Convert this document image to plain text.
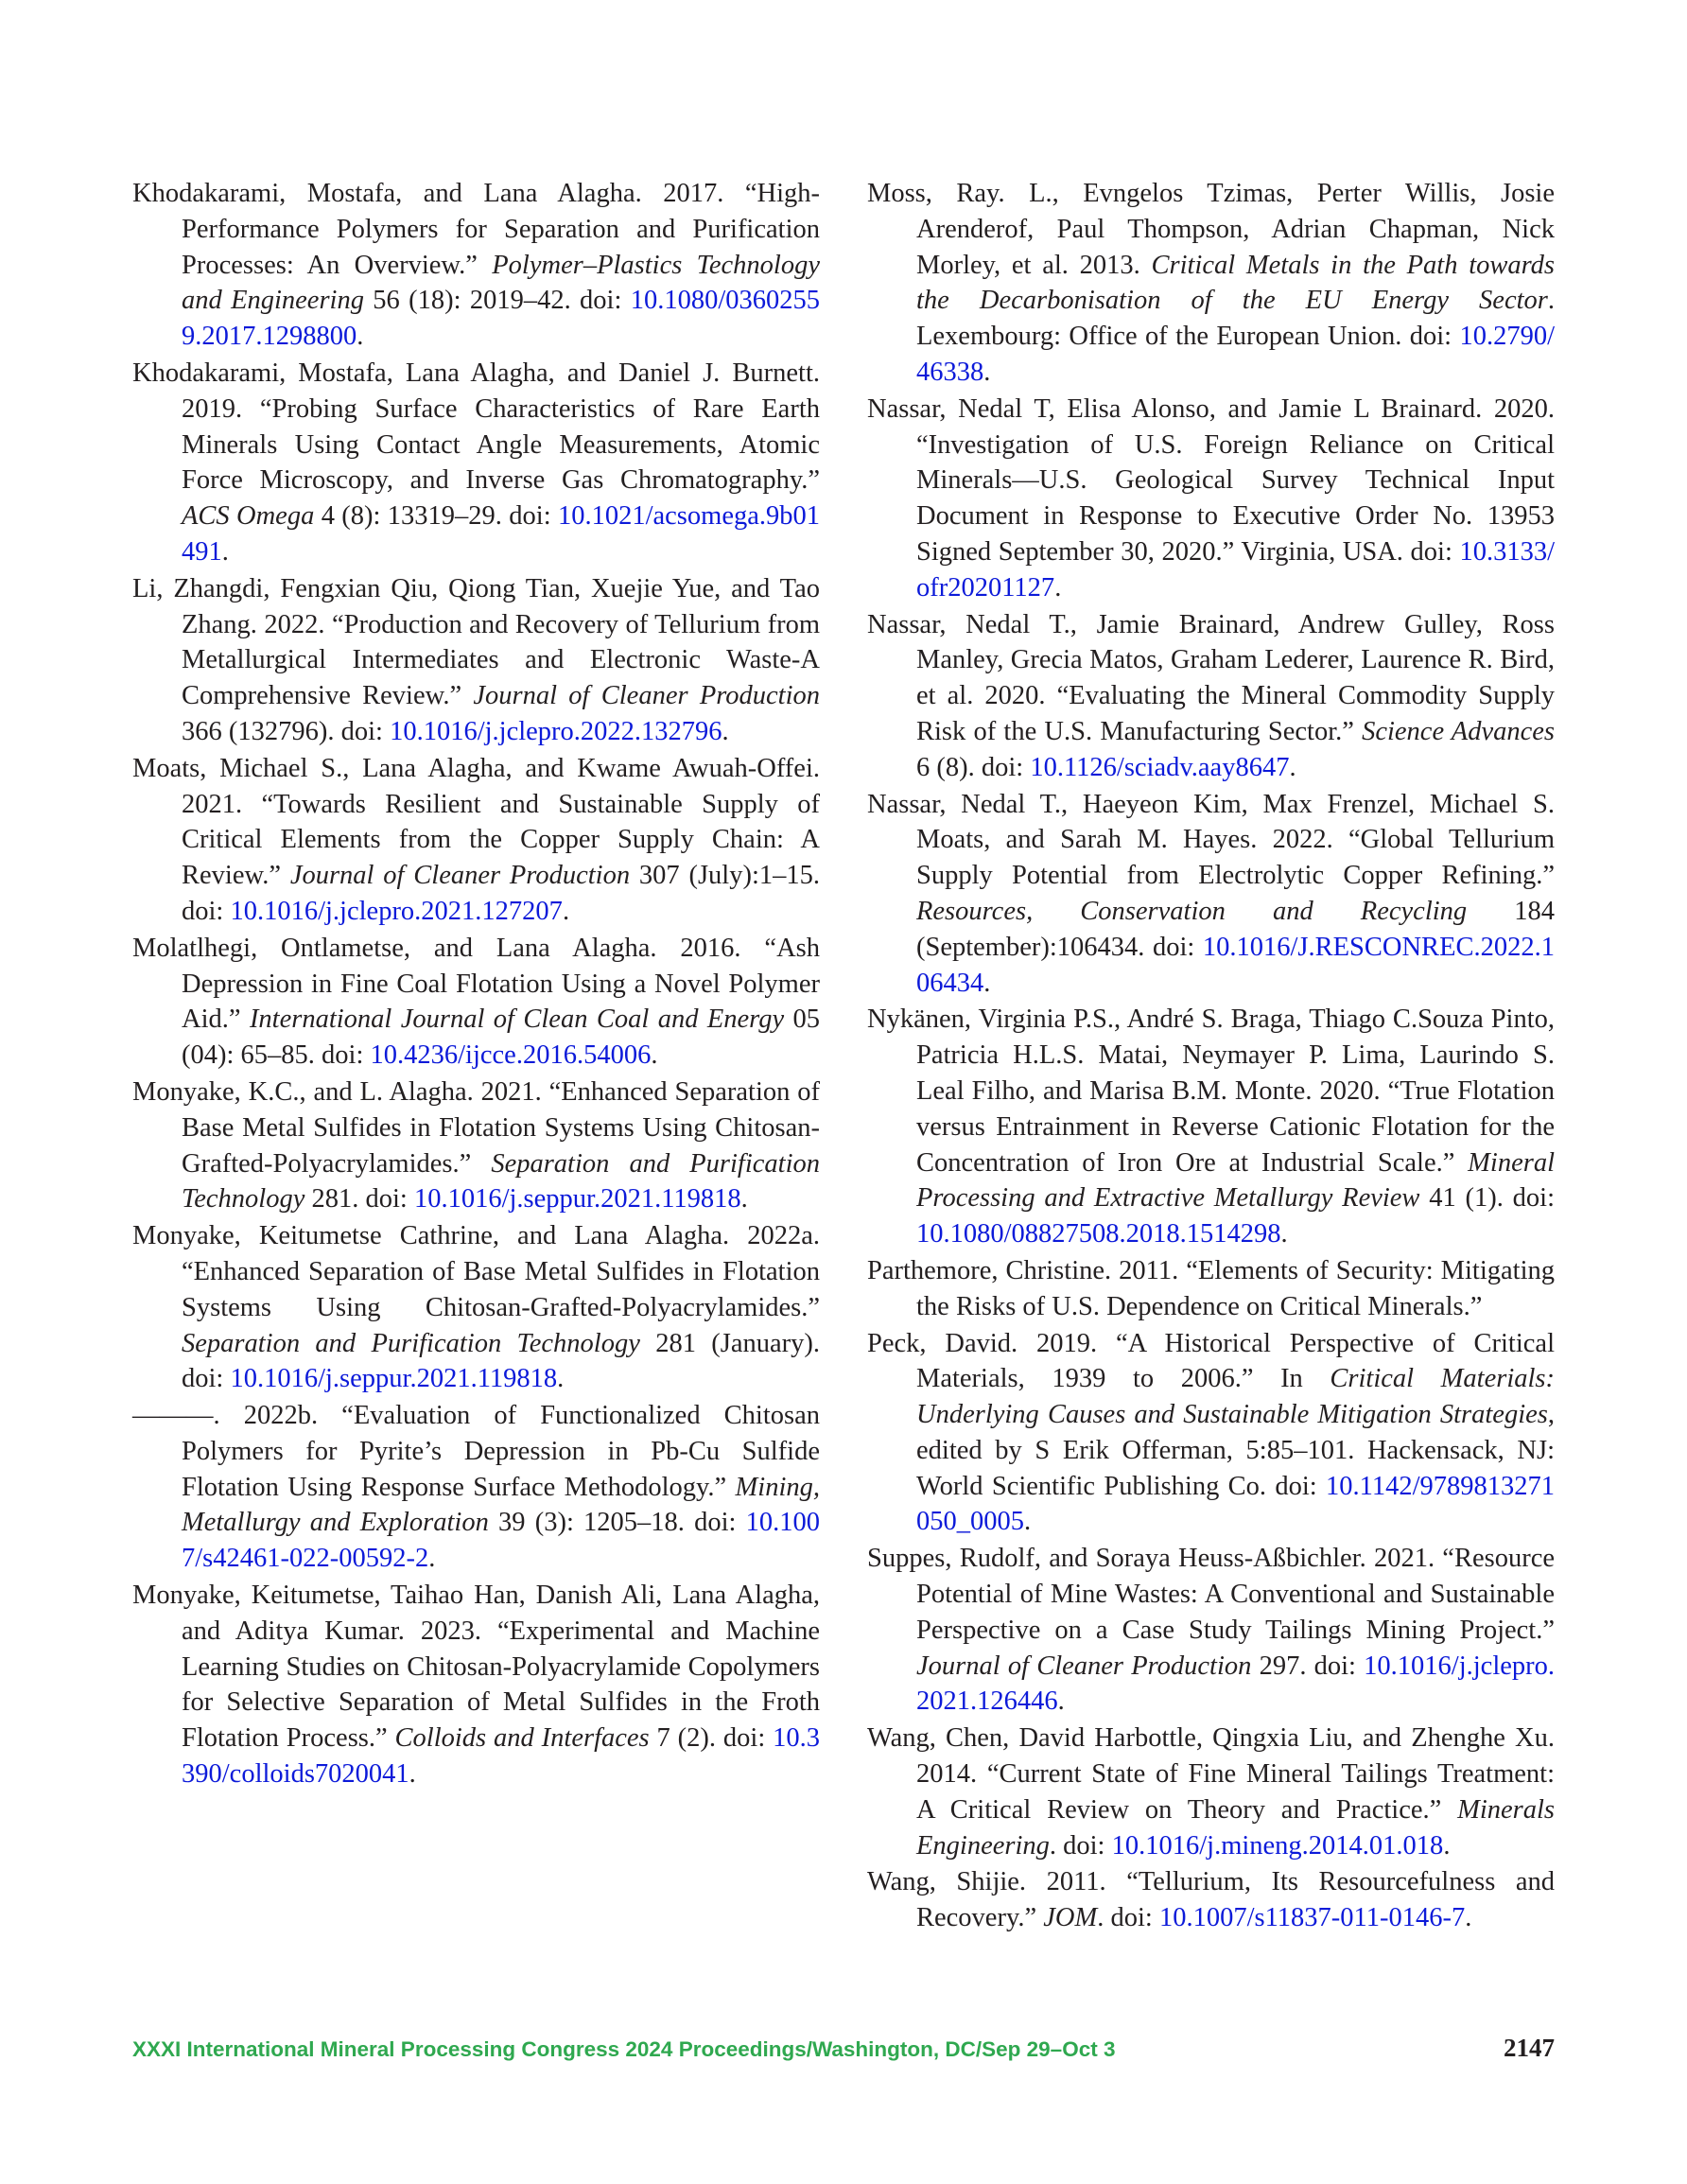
Khodakarami, Mostafa, and Lana Alagha. 2017. “High-Performance Polymers for Separation and Purification Processes: An Overview.” Polymer–Plastics Technology and Engineering 56 (18): 2019–42. doi: 10.1080/03602559.2017.1298800.

Khodakarami, Mostafa, Lana Alagha, and Daniel J. Burnett. 2019. “Probing Surface Characteristics of Rare Earth Minerals Using Contact Angle Measurements, Atomic Force Microscopy, and Inverse Gas Chromatography.” ACS Omega 4 (8): 13319–29. doi: 10.1021/acsomega.9b01491.

Li, Zhangdi, Fengxian Qiu, Qiong Tian, Xuejie Yue, and Tao Zhang. 2022. “Production and Recovery of Tellurium from Metallurgical Intermediates and Electronic Waste-A Comprehensive Review.” Journal of Cleaner Production 366 (132796). doi: 10.1016/j.jclepro.2022.132796.

Moats, Michael S., Lana Alagha, and Kwame Awuah-Offei. 2021. “Towards Resilient and Sustainable Supply of Critical Elements from the Copper Supply Chain: A Review.” Journal of Cleaner Production 307 (July):1–15. doi: 10.1016/j.jclepro.2021.127207.

Molatlhegi, Ontlametse, and Lana Alagha. 2016. “Ash Depression in Fine Coal Flotation Using a Novel Polymer Aid.” International Journal of Clean Coal and Energy 05 (04): 65–85. doi: 10.4236/ijcce.2016.54006.

Monyake, K.C., and L. Alagha. 2021. “Enhanced Separation of Base Metal Sulfides in Flotation Systems Using Chitosan-Grafted-Polyacrylamides.” Separation and Purification Technology 281. doi: 10.1016/j.seppur.2021.119818.

Monyake, Keitumetse Cathrine, and Lana Alagha. 2022a. “Enhanced Separation of Base Metal Sulfides in Flotation Systems Using Chitosan-Grafted-Polyacrylamides.” Separation and Purification Technology 281 (January). doi: 10.1016/j.seppur.2021.119818.

———. 2022b. “Evaluation of Functionalized Chitosan Polymers for Pyrite’s Depression in Pb-Cu Sulfide Flotation Using Response Surface Methodology.” Mining, Metallurgy and Exploration 39 (3): 1205–18. doi: 10.1007/s42461-022-00592-2.

Monyake, Keitumetse, Taihao Han, Danish Ali, Lana Alagha, and Aditya Kumar. 2023. “Experimental and Machine Learning Studies on Chitosan-Polyacrylamide Copolymers for Selective Separation of Metal Sulfides in the Froth Flotation Process.” Colloids and Interfaces 7 (2). doi: 10.3390/colloids7020041.

Moss, Ray. L., Evngelos Tzimas, Perter Willis, Josie Arenderof, Paul Thompson, Adrian Chapman, Nick Morley, et al. 2013. Critical Metals in the Path towards the Decarbonisation of the EU Energy Sector. Lexembourg: Office of the European Union. doi: 10.2790/46338.

Nassar, Nedal T, Elisa Alonso, and Jamie L Brainard. 2020. “Investigation of U.S. Foreign Reliance on Critical Minerals—U.S. Geological Survey Technical Input Document in Response to Executive Order No. 13953 Signed September 30, 2020.” Virginia, USA. doi: 10.3133/ofr20201127.

Nassar, Nedal T., Jamie Brainard, Andrew Gulley, Ross Manley, Grecia Matos, Graham Lederer, Laurence R. Bird, et al. 2020. “Evaluating the Mineral Commodity Supply Risk of the U.S. Manufacturing Sector.” Science Advances 6 (8). doi: 10.1126/sciadv.aay8647.

Nassar, Nedal T., Haeyeon Kim, Max Frenzel, Michael S. Moats, and Sarah M. Hayes. 2022. “Global Tellurium Supply Potential from Electrolytic Copper Refining.” Resources, Conservation and Recycling 184 (September):106434. doi: 10.1016/J.RESCONREC.2022.106434.

Nykänen, Virginia P.S., André S. Braga, Thiago C.Souza Pinto, Patricia H.L.S. Matai, Neymayer P. Lima, Laurindo S. Leal Filho, and Marisa B.M. Monte. 2020. “True Flotation versus Entrainment in Reverse Cationic Flotation for the Concentration of Iron Ore at Industrial Scale.” Mineral Processing and Extractive Metallurgy Review 41 (1). doi: 10.1080/08827508.2018.1514298.

Parthemore, Christine. 2011. “Elements of Security: Mitigating the Risks of U.S. Dependence on Critical Minerals.”

Peck, David. 2019. “A Historical Perspective of Critical Materials, 1939 to 2006.” In Critical Materials: Underlying Causes and Sustainable Mitigation Strategies, edited by S Erik Offerman, 5:85–101. Hackensack, NJ: World Scientific Publishing Co. doi: 10.1142/9789813271050_0005.

Suppes, Rudolf, and Soraya Heuss-Aßbichler. 2021. “Resource Potential of Mine Wastes: A Conventional and Sustainable Perspective on a Case Study Tailings Mining Project.” Journal of Cleaner Production 297. doi: 10.1016/j.jclepro.2021.126446.

Wang, Chen, David Harbottle, Qingxia Liu, and Zhenghe Xu. 2014. “Current State of Fine Mineral Tailings Treatment: A Critical Review on Theory and Practice.” Minerals Engineering. doi: 10.1016/j.mineng.2014.01.018.

Wang, Shijie. 2011. “Tellurium, Its Resourcefulness and Recovery.” JOM. doi: 10.1007/s11837-011-0146-7.

XXXI International Mineral Processing Congress 2024 Proceedings/Washington, DC/Sep 29–Oct 3	2147
